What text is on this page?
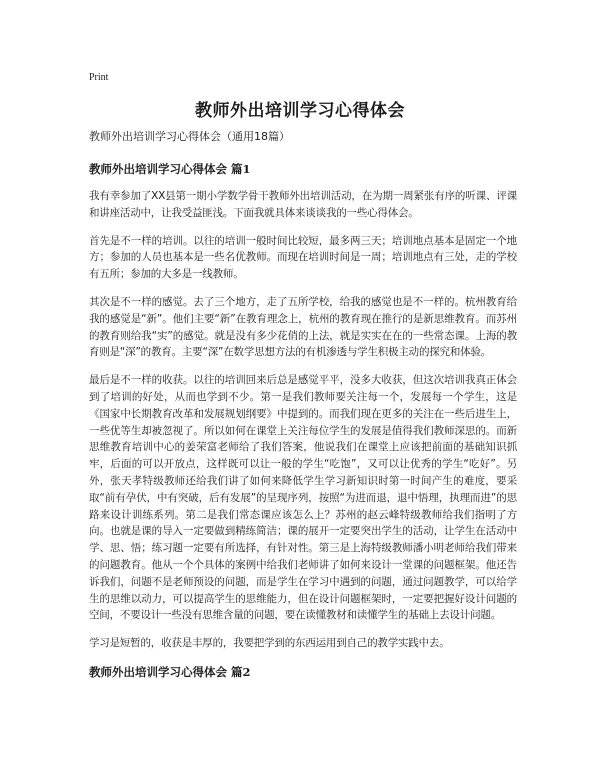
Print
教师外出培训学习心得体会
教师外出培训学习心得体会（通用18篇）
教师外出培训学习心得体会 篇1

我有幸参加了XX县第一期小学数学骨干教师外出培训活动，在为期一周紧张有序的听课、评课和讲座活动中，让我受益匪浅。下面我就具体来谈谈我的一些心得体会。

首先是不一样的培训。以往的培训一般时间比较短，最多两三天；培训地点基本是固定一个地方；参加的人员也基本是一些名优教师。而现在培训时间是一周；培训地点有三处，走的学校有五所；参加的大多是一线教师。

其次是不一样的感觉。去了三个地方，走了五所学校，给我的感觉也是不一样的。杭州教育给我的感觉是“新”。他们主要“新”在教育理念上，杭州的教育现在推行的是新思维教育。而苏州的教育则给我“实”的感觉。就是没有多少花俏的上法，就是实实在在的一些常态课。上海的教育则是“深”的教育。主要“深”在数学思想方法的有机渗透与学生积极主动的探究和体验。

最后是不一样的收获。以往的培训回来后总是感觉平平，没多大收获，但这次培训我真正体会到了培训的好处，从而也学到不少。第一是我们教师要关注每一个，发展每一个学生，这是《国家中长期教育改革和发展规划纲要》中提到的。而我们现在更多的关注在一些后进生上，一些优等生却被忽视了。所以如何在课堂上关注每位学生的发展是值得我们教师深思的。而新思维教育培训中心的姜荣富老师给了我们答案，他说我们在课堂上应该把前面的基础知识抓牢，后面的可以开放点，这样既可以让一般的学生“吃饱”，又可以让优秀的学生“吃好”。另外，张天孝特级教师还给我们讲了如何来降低学生学习新知识时第一时间产生的难度，要采取“前有孕伏，中有突破，后有发展”的呈现序列，按照“为进而退，退中悟理，执理而进”的思路来设计训练系列。第二是我们常态课应该怎么上？苏州的赵云峰特级教师给我们指明了方向。也就是课的导入一定要做到精练简洁；课的展开一定要突出学生的活动，让学生在活动中学、思、悟；练习题一定要有所选择，有针对性。第三是上海特级教师潘小明老师给我们带来的问题教育。他从一个个具体的案例中给我们老师讲了如何来设计一堂课的问题框架。他还告诉我们，问题不是老师预设的问题，而是学生在学习中遇到的问题，通过问题教学，可以给学生的思维以动力，可以提高学生的思维能力，但在设计问题框架时，一定要把握好设计问题的空间，不要设计一些没有思维含量的问题，要在读懂教材和读懂学生的基础上去设计问题。

学习是短暂的，收获是丰厚的，我要把学到的东西运用到自己的教学实践中去。

教师外出培训学习心得体会 篇2
